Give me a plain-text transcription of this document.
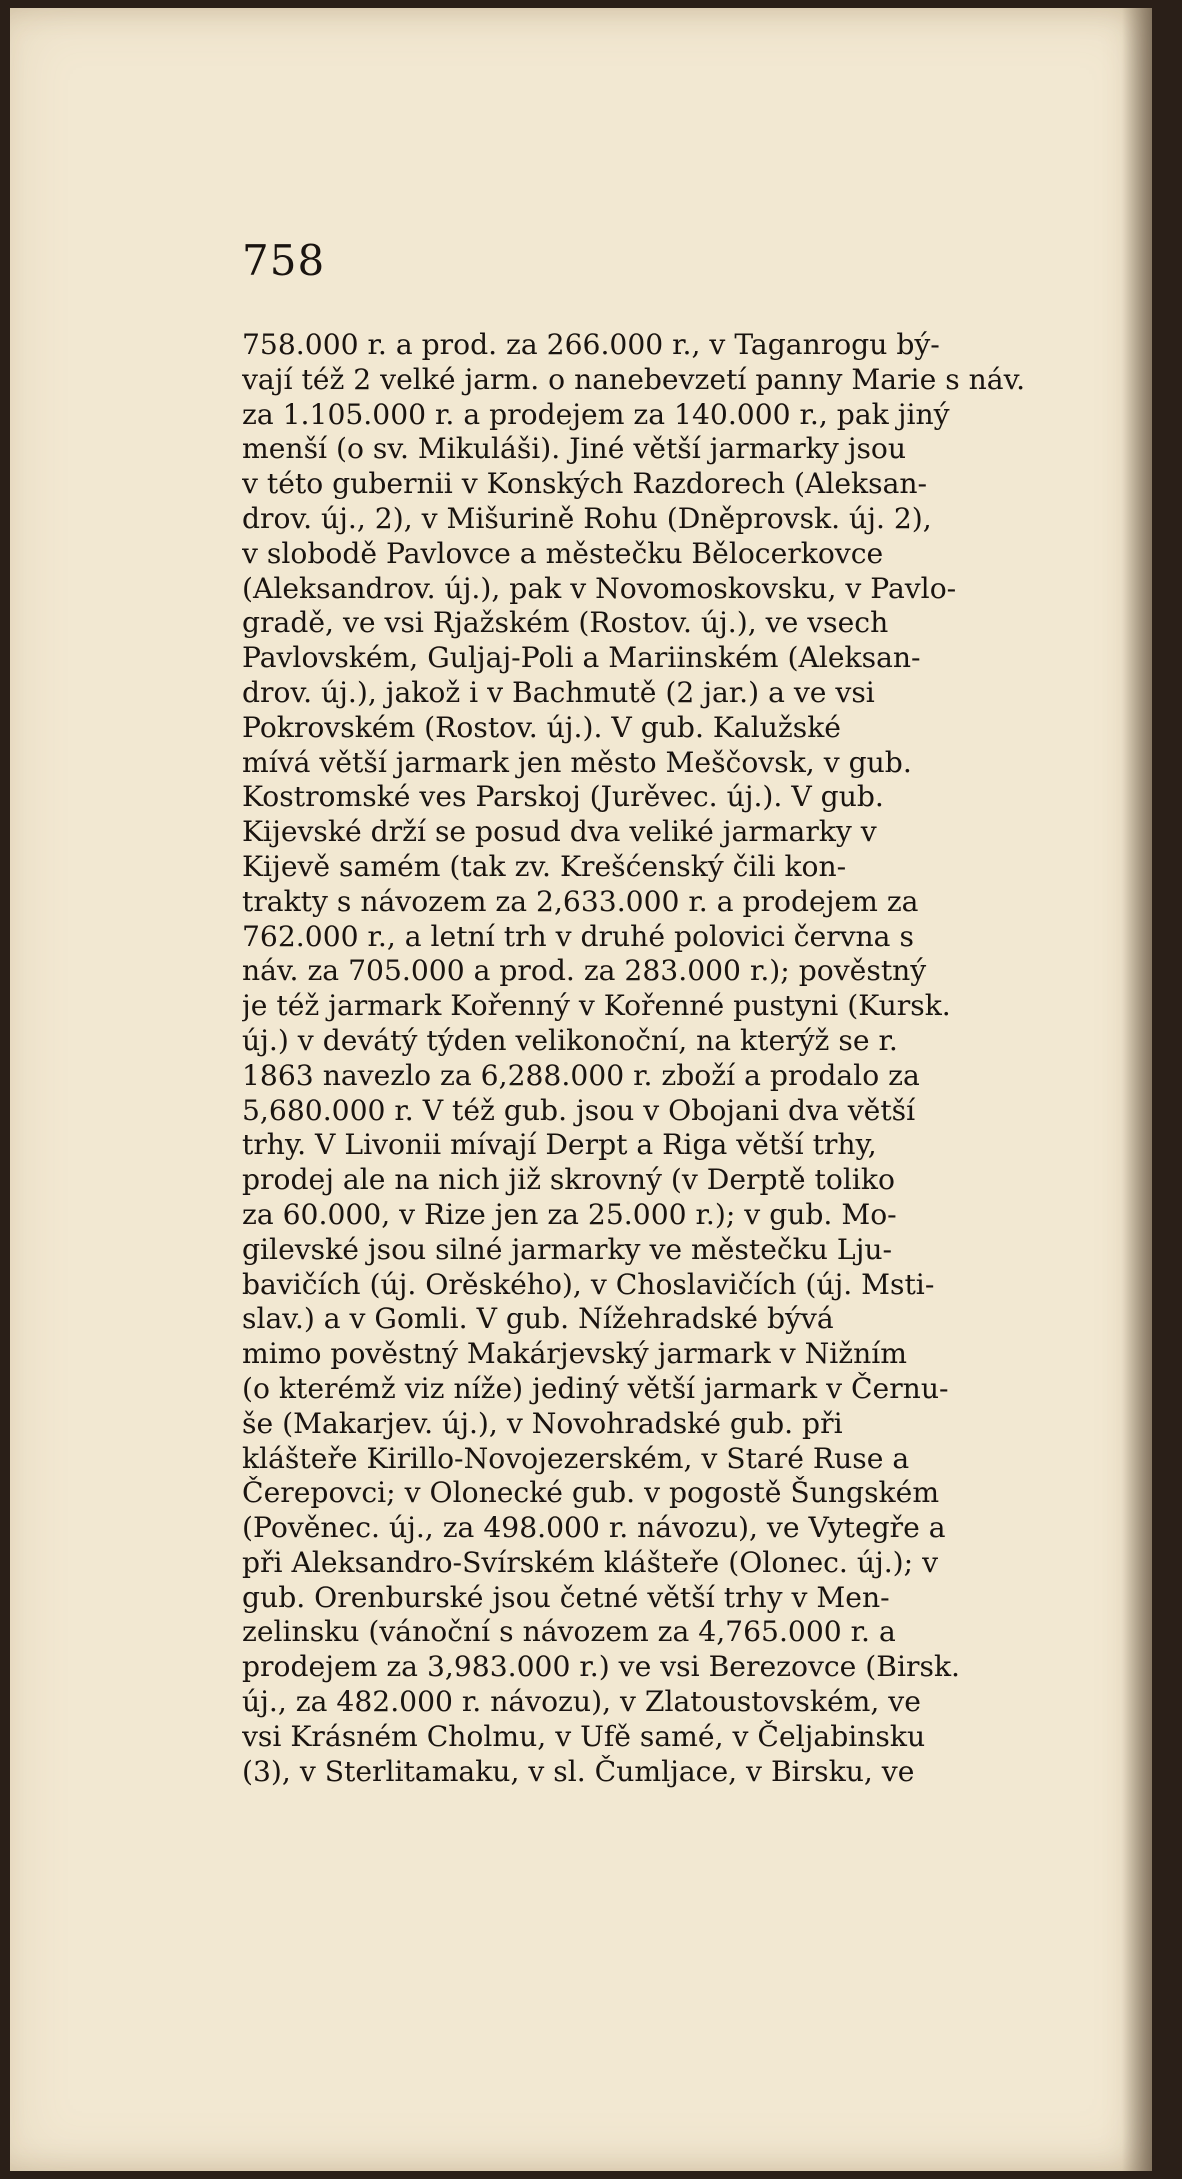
758
758.000 r. a prod. za 266.000 r., v Taganrogu bý-
vají též 2 velké jarm. o nanebevzetí panny Marie s náv.
za 1.105.000 r. a prodejem za 140.000 r., pak jiný
menší (o sv. Mikuláši). Jiné větší jarmarky jsou
v této gubernii v Konských Razdorech (Aleksan-
drov. új., 2), v Mišurině Rohu (Dněprovsk. új. 2),
v slobodě Pavlovce a městečku Bělocerkovce
(Aleksandrov. új.), pak v Novomoskovsku, v Pavlo-
gradě, ve vsi Rjažském (Rostov. új.), ve vsech
Pavlovském, Guljaj-Poli a Mariinském (Aleksan-
drov. új.), jakož i v Bachmutě (2 jar.) a ve vsi
Pokrovském (Rostov. új.). V gub. Kalužské
mívá větší jarmark jen město Meščovsk, v gub.
Kostromské ves Parskoj (Jurěvec. új.). V gub.
Kijevské drží se posud dva veliké jarmarky v
Kijevě samém (tak zv. Krešćenský čili kon-
trakty s návozem za 2,633.000 r. a prodejem za
762.000 r., a letní trh v druhé polovici června s
náv. za 705.000 a prod. za 283.000 r.); pověstný
je též jarmark Kořenný v Kořenné pustyni (Kursk.
új.) v devátý týden velikonoční, na kterýž se r.
1863 navezlo za 6,288.000 r. zboží a prodalo za
5,680.000 r. V též gub. jsou v Obojani dva větší
trhy. V Livonii mívají Derpt a Riga větší trhy,
prodej ale na nich již skrovný (v Derptě toliko
za 60.000, v Rize jen za 25.000 r.); v gub. Mo-
gilevské jsou silné jarmarky ve městečku Lju-
bavičích (új. Orěského), v Choslavičích (új. Msti-
slav.) a v Gomli. V gub. Nížehradské bývá
mimo pověstný Makárjevský jarmark v Nižním
(o kterémž viz níže) jediný větší jarmark v Černu-
še (Makarjev. új.), v Novohradské gub. při
klášteře Kirillo-Novojezerském, v Staré Ruse a
Čerepovci; v Olonecké gub. v pogostě Šungském
(Pověnec. új., za 498.000 r. návozu), ve Vytegře a
při Aleksandro-Svírském klášteře (Olonec. új.); v
gub. Orenburské jsou četné větší trhy v Men-
zelinsku (vánoční s návozem za 4,765.000 r. a
prodejem za 3,983.000 r.) ve vsi Berezovce (Birsk.
új., za 482.000 r. návozu), v Zlatoustovském, ve
vsi Krásném Cholmu, v Ufě samé, v Čeljabinsku
(3), v Sterlitamaku, v sl. Čumljace, v Birsku, ve
